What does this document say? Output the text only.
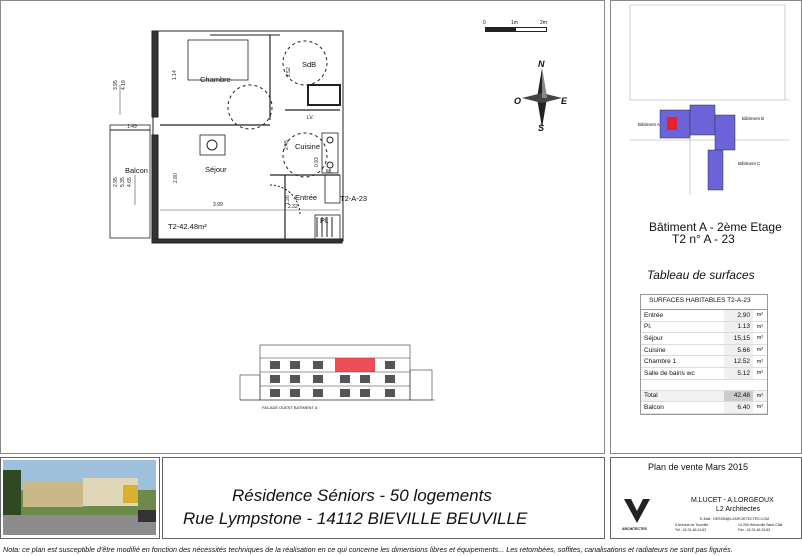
3.95 4.19
1.14	2.52
1.49
2.95 5.35 4.65	2.80
3.99	2.32
1.26
2.45
0.93
Chambre
SdB
Séjour
Cuisine
Entrée
Balcon
Pl.
T2-A-23
T2-42.48m²
LV.
ML.
0	1m	2m
N
S
E
O
FACADE OUEST BATIMENT A
Bâtiment A
Bâtiment B
Bâtiment C
Bâtiment A - 2ème Etage
T2 n° A - 23
Tableau de surfaces
SURFACES HABITABLES T2-A-23
Entrée	2.90	m²
Pl.	1.13	m²
Séjour	15.15	m²
Cuisine	5.66	m²
Chambre 1	12.52	m²
Salle de bains wc	5.12	m²
Total	42.48	m²
Balcon	6.40	m²
Résidence Séniors - 50 logements
Rue Lympstone - 14112 BIEVILLE BEUVILLE
Plan de vente Mars 2015
M.LUCET - A.LORGEOUX
L2 Architectes
E-Mail : DESSIN@L2ARCHITECTES.COM
ARCHITECTES
5 Avenue de Tourville
Tél : 02.31.46.24.62
14 200 Hérouville Saint-Clair
Fax : 02.31.46.24.63
Nota: ce plan est susceptible d'être modifié en fonction des nécessités techniques de la réalisation en ce qui concerne les dimensions libres et équipements... Les retombées, soffites, canalisations et radiateurs ne sont pas figurés.
